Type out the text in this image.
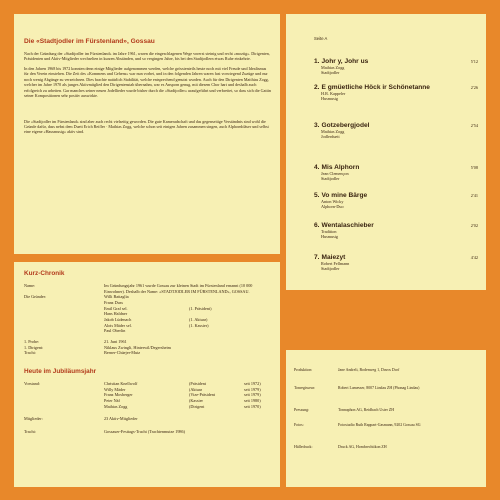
Die «Stadtjodler im Fürstenland», Gossau

Nach der Gründung der «Stadtjodler im Fürstenland» im Jahre 1961, waren die eingeschlagenen Wege vorerst steinig und recht «moztig». Dirigenten, Präsidenten und Aktiv-Mitglieder wechselten in kurzen Abständen, und so vergingen Jahre, bis bei den Stadtjodlern etwas Ruhe einkehrte.

In den Jahren 1968 bis 1972 konnten denn einige Mitglieder aufgenommen werden, welche grösstenteils heute noch mit viel Freude und Idealismus für den Verein einstehen. Die Zeit des «Kommens und Gehens» war nun vorbei, und in den folgenden Jahren waren fast vorwiegend Zuzüge und nur noch wenig Abgänge zu verzeichnen. Dies brachte natürlich Stabilität, welche entsprechend genutzt wurden. Auch für den Dirigenten Matthias Zogg, welcher im Jahre 1970 als junges Aktivmitglied den Dirigentenstab übernahm, war es Ansporn genug, mit diesem Chor hart und deshalb auch erfolgreich zu arbeiten. Gar manches seiner neuen Jodellieder wurde bisher durch die «Stadtjodler» uraufgeführt und verbreitet, so dass sich die Gattin seiner Kompositionen sehr positiv auswirkte.

Die «Stadtjodler im Fürstenland» sind aber auch recht vielseitig geworden. Die gute Kameradschaft und das gegenseitige Verständnis sind wohl die Gründe dafür, dass nebst dem Duett Erich Reifler · Mathias Zogg, welche schon seit einigen Jahren zusammen singen, auch Alphornbläser und selbst eine eigene «Hausmusig» aktiv sind.

Kurz-Chronik
Name:	Im Gründungsjahr 1961 wurde Gossau zur kleinen Stadt im Fürstenland ernannt (10 000 Einwohner). Deshalb der Name: «STADTJODLER IM FÜRSTENLAND», GOSSAU.
Die Gründer:	Willi Battaglia
Franz Duss
Emil Graf sel.	(1. Präsident)
Hans Haldner
Jakob Lüdenach	(1. Aktuar)
Alois Mäder sel.	(1. Kassier)
Paul Oberlin
1. Probe:	21. Juni 1961
1. Dirigent:	Niklaus Zwingli, Hinterwil/Degersheim
Tracht:	Berner-Chüejer-Mutz
Heute im Jubiläumsjahr
Vorstand:	Christian Knellwolf	(Präsident	seit 1972)
Willy Mäder	(Aktuar	seit 1979)
Franz Mosberger	(Vize-Präsident	seit 1979)
Peter Näf	(Kassier	seit 1980)
Mathias Zogg	(Dirigent	seit 1970)
Mitglieder:	23 Aktiv-Mitglieder
Tracht:	Gossauer-Festtags-Tracht (Trachtenmutze 1986)
Seite A
1. Johr y, Johr us
Mathias Zogg
Stadtjodler
5'12
2. E gmüetliche Höck ir Schönetanne
H.R. Kappeler
Husmusig
2'26
3. Gotzebergjodel
Mathias Zogg
Jodlerduett
2'54
4. Mis Alphorn
Jean Clemençon
Stadtjodler
5'08
5. Vo mine Bärge
Anton Wicky
Alphorn-Duo
2'41
6. Wentalaschieber
Tradition
Husmusig
2'02
7. Maiezyt
Robert Fellmann
Stadtjodler
4'42
Produktion:	Jane Andreli, Bodenweg 1, Davos Dorf
Tonregisseur:	Robert Lamesser, 8007 Lindau ZH (Phonag Lindau)
Pressung:	Tonnaphon AG, Reidbach Uster ZH
Fotos:	Fotostudio Ruth Rappart-Gasmann, 9202 Gossau SG
Hülledruck:	Druck AG, Hombrechtikon ZH
